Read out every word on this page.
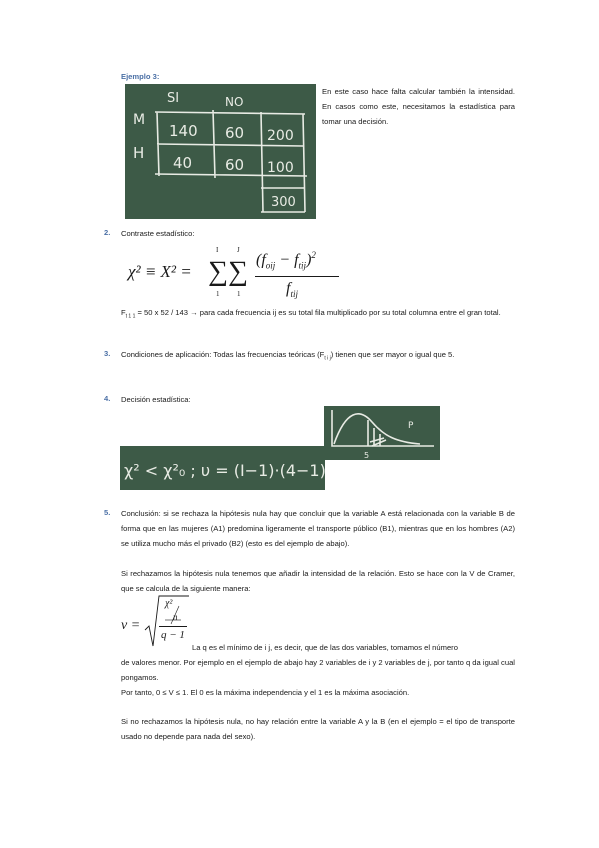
Ejemplo 3:
SI	NO
M
H
140 60 200
40 60 100
300
En este caso hace falta calcular también la intensidad. En casos como este, necesitamos la estadística para tomar una decisión.
2. Contraste estadístico:
χ² ≡ X² =
I
∑
1
J
∑
1
$(f_{oij} - f_{tij})^2$
$f_{tij}$
$F_{t 1 1} = 50$ x 52 / 143 → para cada frecuencia ij es su total fila multiplicado por su total columna entre el gran total.
3. Condiciones de aplicación: Todas las frecuencias teóricas $(F_{t i j})$ tienen que ser mayor o igual que 5.
4. Decisión estadística:
P
5
χ² < χ²₀ ; υ = (I−1)·(4−1)
5. Conclusión: si se rechaza la hipótesis nula hay que concluir que la variable A está relacionada con la variable B de forma que en las mujeres (A1) predomina ligeramente el transporte público (B1), mientras que en los hombres (A2) se utiliza mucho más el privado (B2) (esto es del ejemplo de abajo).
Si rechazamos la hipótesis nula tenemos que añadir la intensidad de la relación. Esto se hace con la V de Cramer, que se calcula de la siguiente manera:
v =
χ²
n
q − 1
La q es el mínimo de i j, es decir, que de las dos variables, tomamos el número
de valores menor. Por ejemplo en el ejemplo de abajo hay 2 variables de i y 2 variables de j, por tanto q da igual cual pongamos.
Por tanto, 0 ≤ V ≤ 1. El 0 es la máxima independencia y el 1 es la máxima asociación.
Si no rechazamos la hipótesis nula, no hay relación entre la variable A y la B (en el ejemplo = el tipo de transporte usado no depende para nada del sexo).
